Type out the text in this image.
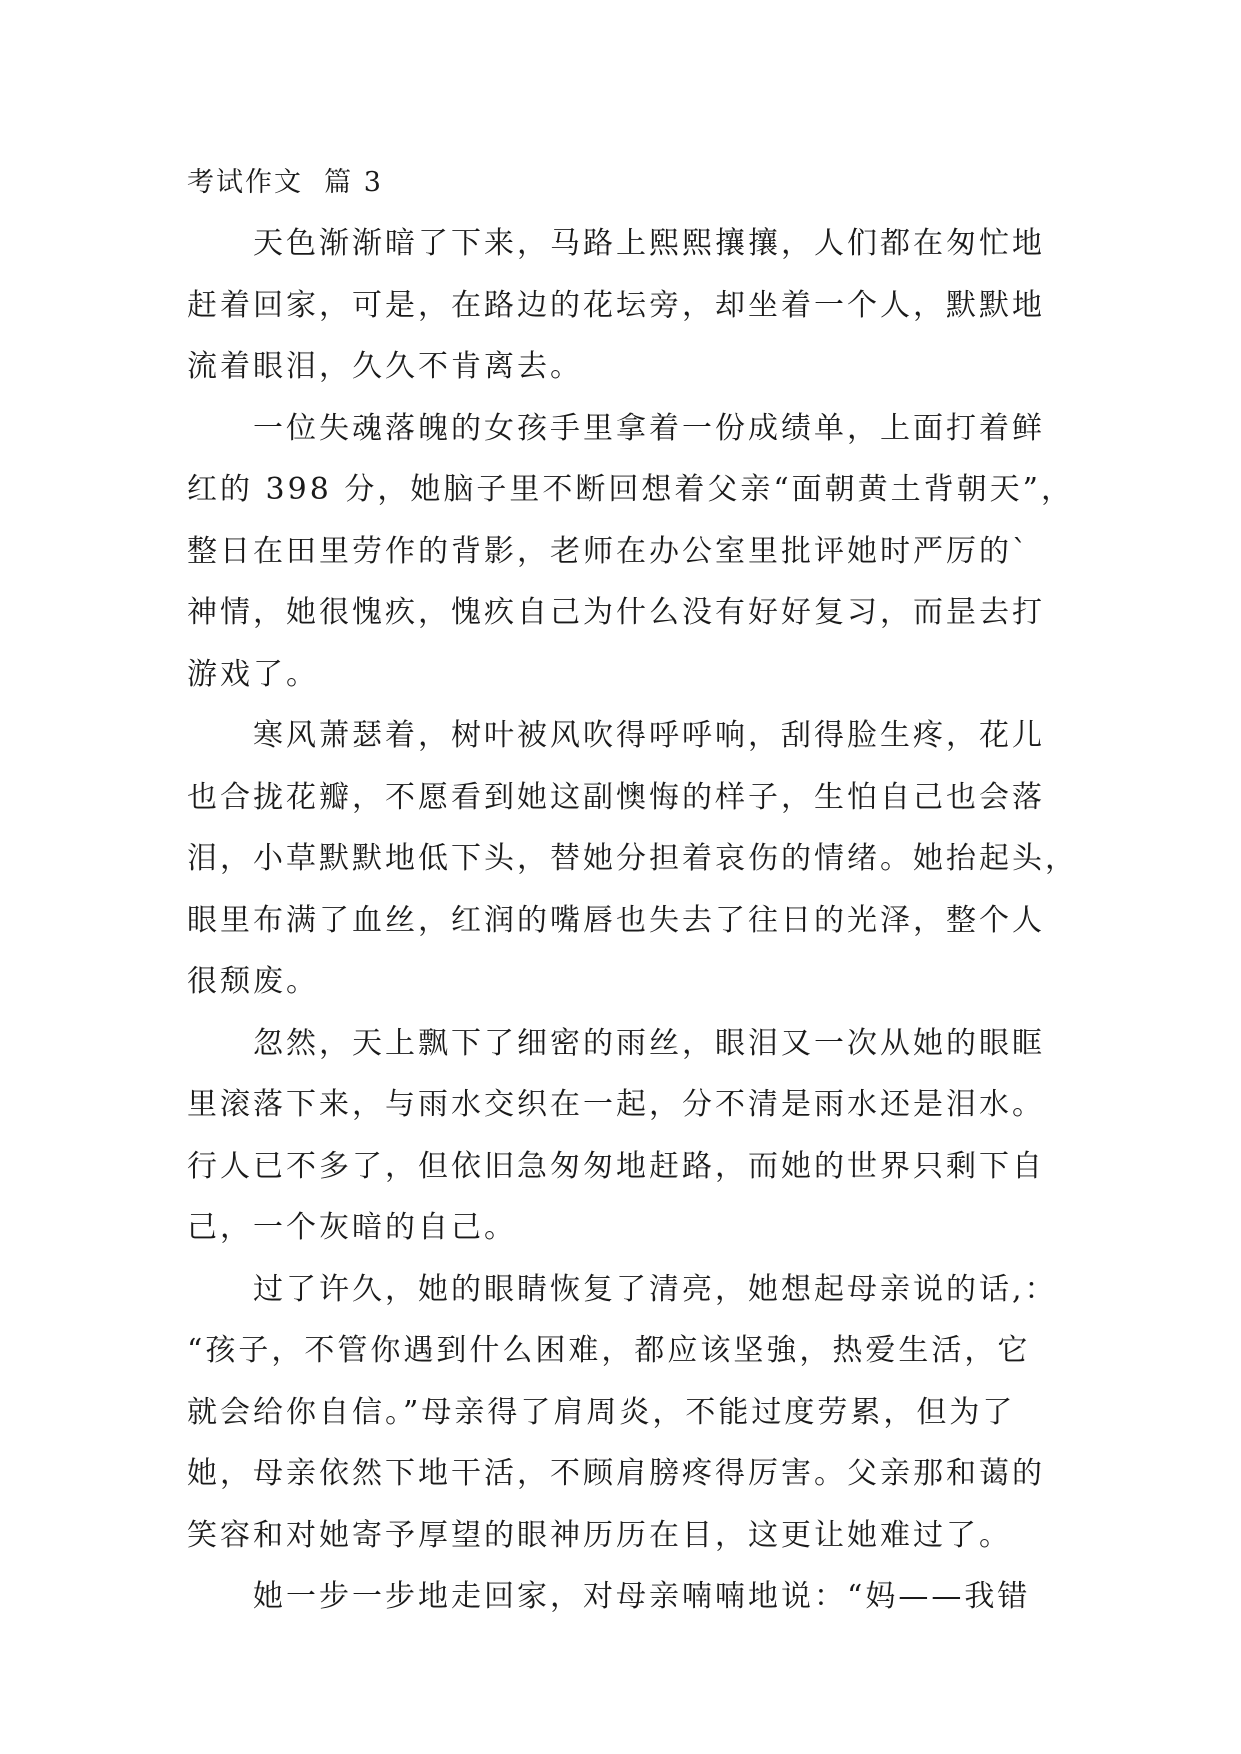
考试作文  篇 3
天色渐渐暗了下来，马路上熙熙攘攘，人们都在匆忙地
赶着回家，可是，在路边的花坛旁，却坐着一个人，默默地
流着眼泪，久久不肯离去。
一位失魂落魄的女孩手里拿着一份成绩单，上面打着鲜
红的 398 分，她脑子里不断回想着父亲“面朝黄土背朝天”，
整日在田里劳作的背影，老师在办公室里批评她时严厉的`
神情，她很愧疚，愧疚自己为什么没有好好复习，而昰去打
游戏了。
寒风萧瑟着，树叶被风吹得呼呼响，刮得脸生疼，花儿
也合拢花瓣，不愿看到她这副懊悔的样子，生怕自己也会落
泪，小草默默地低下头，替她分担着哀伤的情绪。她抬起头，
眼里布满了血丝，红润的嘴唇也失去了往日的光泽，整个人
很颓废。
忽然，天上飘下了细密的雨丝，眼泪又一次从她的眼眶
里滚落下来，与雨水交织在一起，分不清是雨水还是泪水。
行人已不多了，但依旧急匆匆地赶路，而她的世界只剩下自
己，一个灰暗的自己。
过了许久，她的眼睛恢复了清亮，她想起母亲说的话,：
“孩子，不管你遇到什么困难，都应该坚強，热爱生活，它
就会给你自信。”母亲得了肩周炎，不能过度劳累，但为了
她，母亲依然下地干活，不顾肩膀疼得厉害。父亲那和蔼的
笑容和对她寄予厚望的眼神历历在目，这更让她难过了。
她一步一步地走回家，对母亲喃喃地说：“妈——我错
